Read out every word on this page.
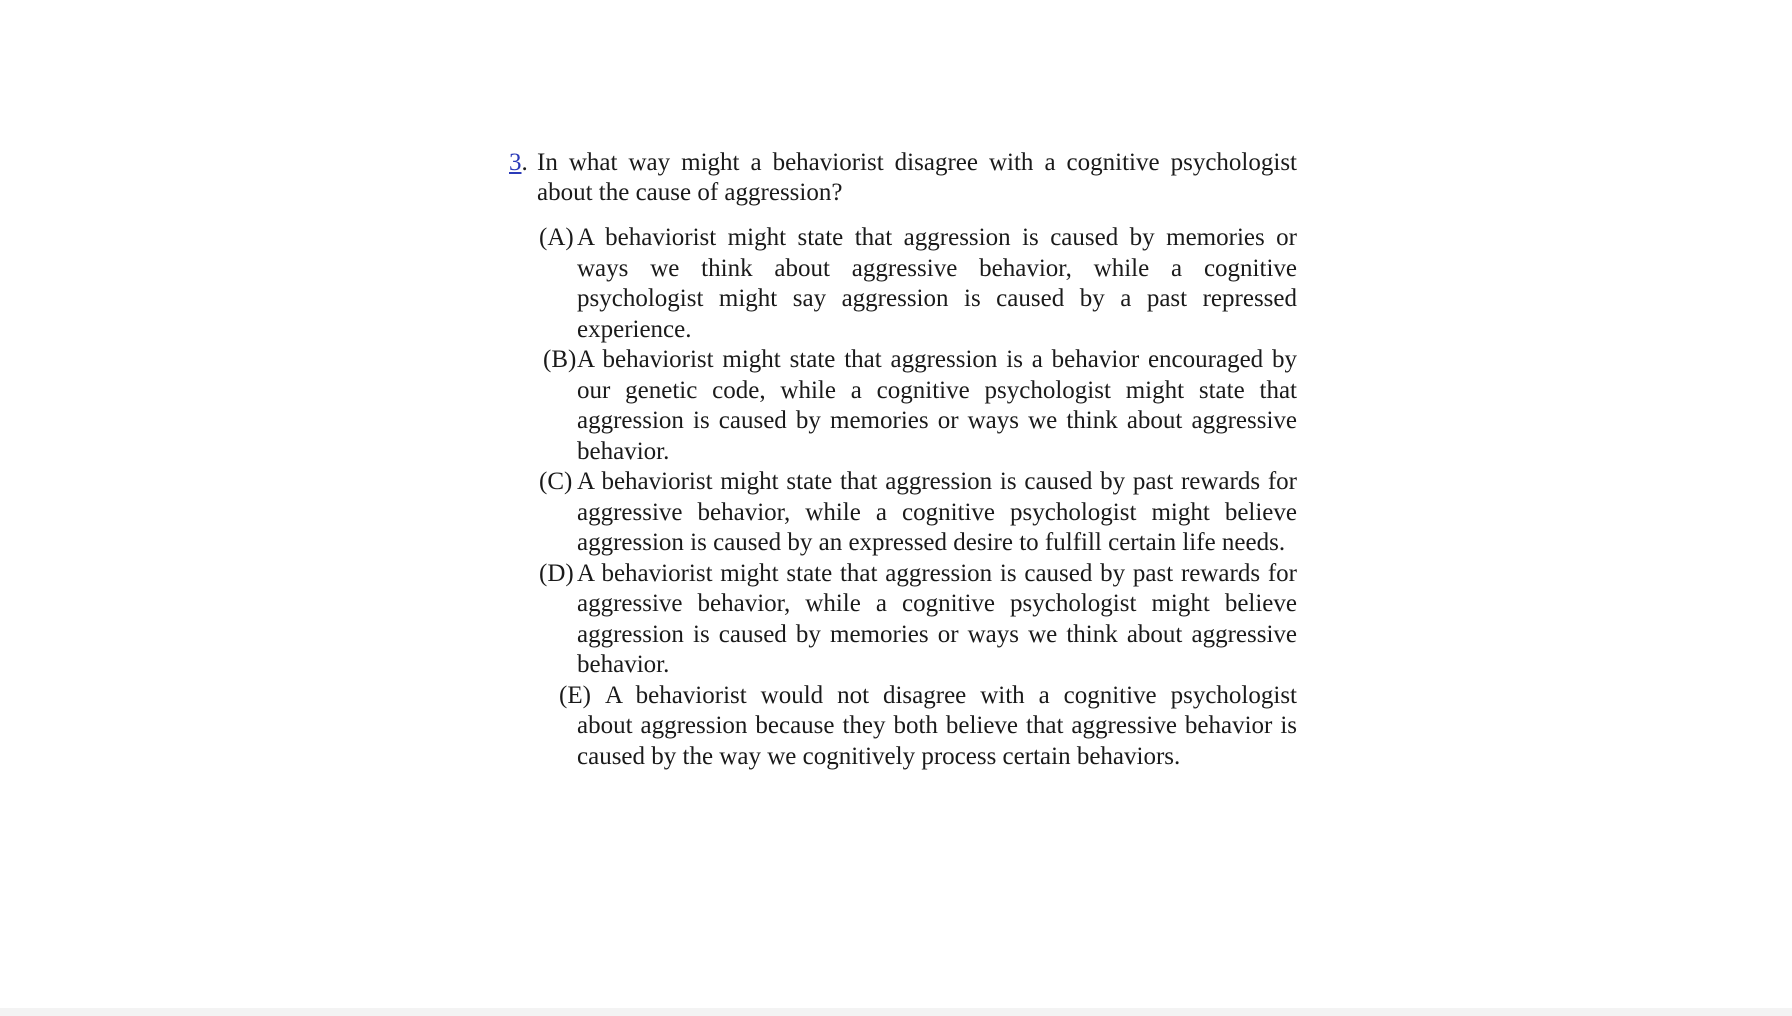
3. In what way might a behaviorist disagree with a cognitive psychologist about the cause of aggression?
(A) A behaviorist might state that aggression is caused by memories or ways we think about aggressive behavior, while a cognitive psychologist might say aggression is caused by a past repressed experience.
(B) A behaviorist might state that aggression is a behavior encouraged by our genetic code, while a cognitive psychologist might state that aggression is caused by memories or ways we think about aggressive behavior.
(C) A behaviorist might state that aggression is caused by past rewards for aggressive behavior, while a cognitive psychologist might believe aggression is caused by an expressed desire to fulfill certain life needs.
(D) A behaviorist might state that aggression is caused by past rewards for aggressive behavior, while a cognitive psychologist might believe aggression is caused by memories or ways we think about aggressive behavior.
(E) A behaviorist would not disagree with a cognitive psychologist about aggression because they both believe that aggressive behavior is caused by the way we cognitively process certain behaviors.
